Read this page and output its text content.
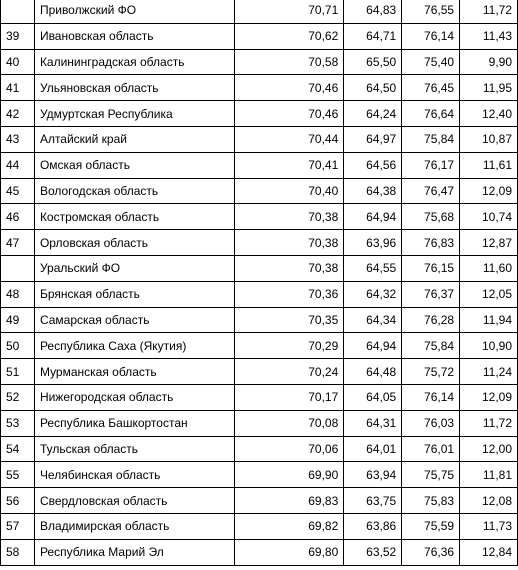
	Приволжский ФО	70,71	64,83	76,55	11,72
39	Ивановская область	70,62	64,71	76,14	11,43
40	Калининградская область	70,58	65,50	75,40	9,90
41	Ульяновская область	70,46	64,50	76,45	11,95
42	Удмуртская Республика	70,46	64,24	76,64	12,40
43	Алтайский край	70,44	64,97	75,84	10,87
44	Омская область	70,41	64,56	76,17	11,61
45	Вологодская область	70,40	64,38	76,47	12,09
46	Костромская область	70,38	64,94	75,68	10,74
47	Орловская область	70,38	63,96	76,83	12,87
	Уральский ФО	70,38	64,55	76,15	11,60
48	Брянская область	70,36	64,32	76,37	12,05
49	Самарская область	70,35	64,34	76,28	11,94
50	Республика Саха (Якутия)	70,29	64,94	75,84	10,90
51	Мурманская область	70,24	64,48	75,72	11,24
52	Нижегородская область	70,17	64,05	76,14	12,09
53	Республика Башкортостан	70,08	64,31	76,03	11,72
54	Тульская область	70,06	64,01	76,01	12,00
55	Челябинская область	69,90	63,94	75,75	11,81
56	Свердловская область	69,83	63,75	75,83	12,08
57	Владимирская область	69,82	63,86	75,59	11,73
58	Республика Марий Эл	69,80	63,52	76,36	12,84
